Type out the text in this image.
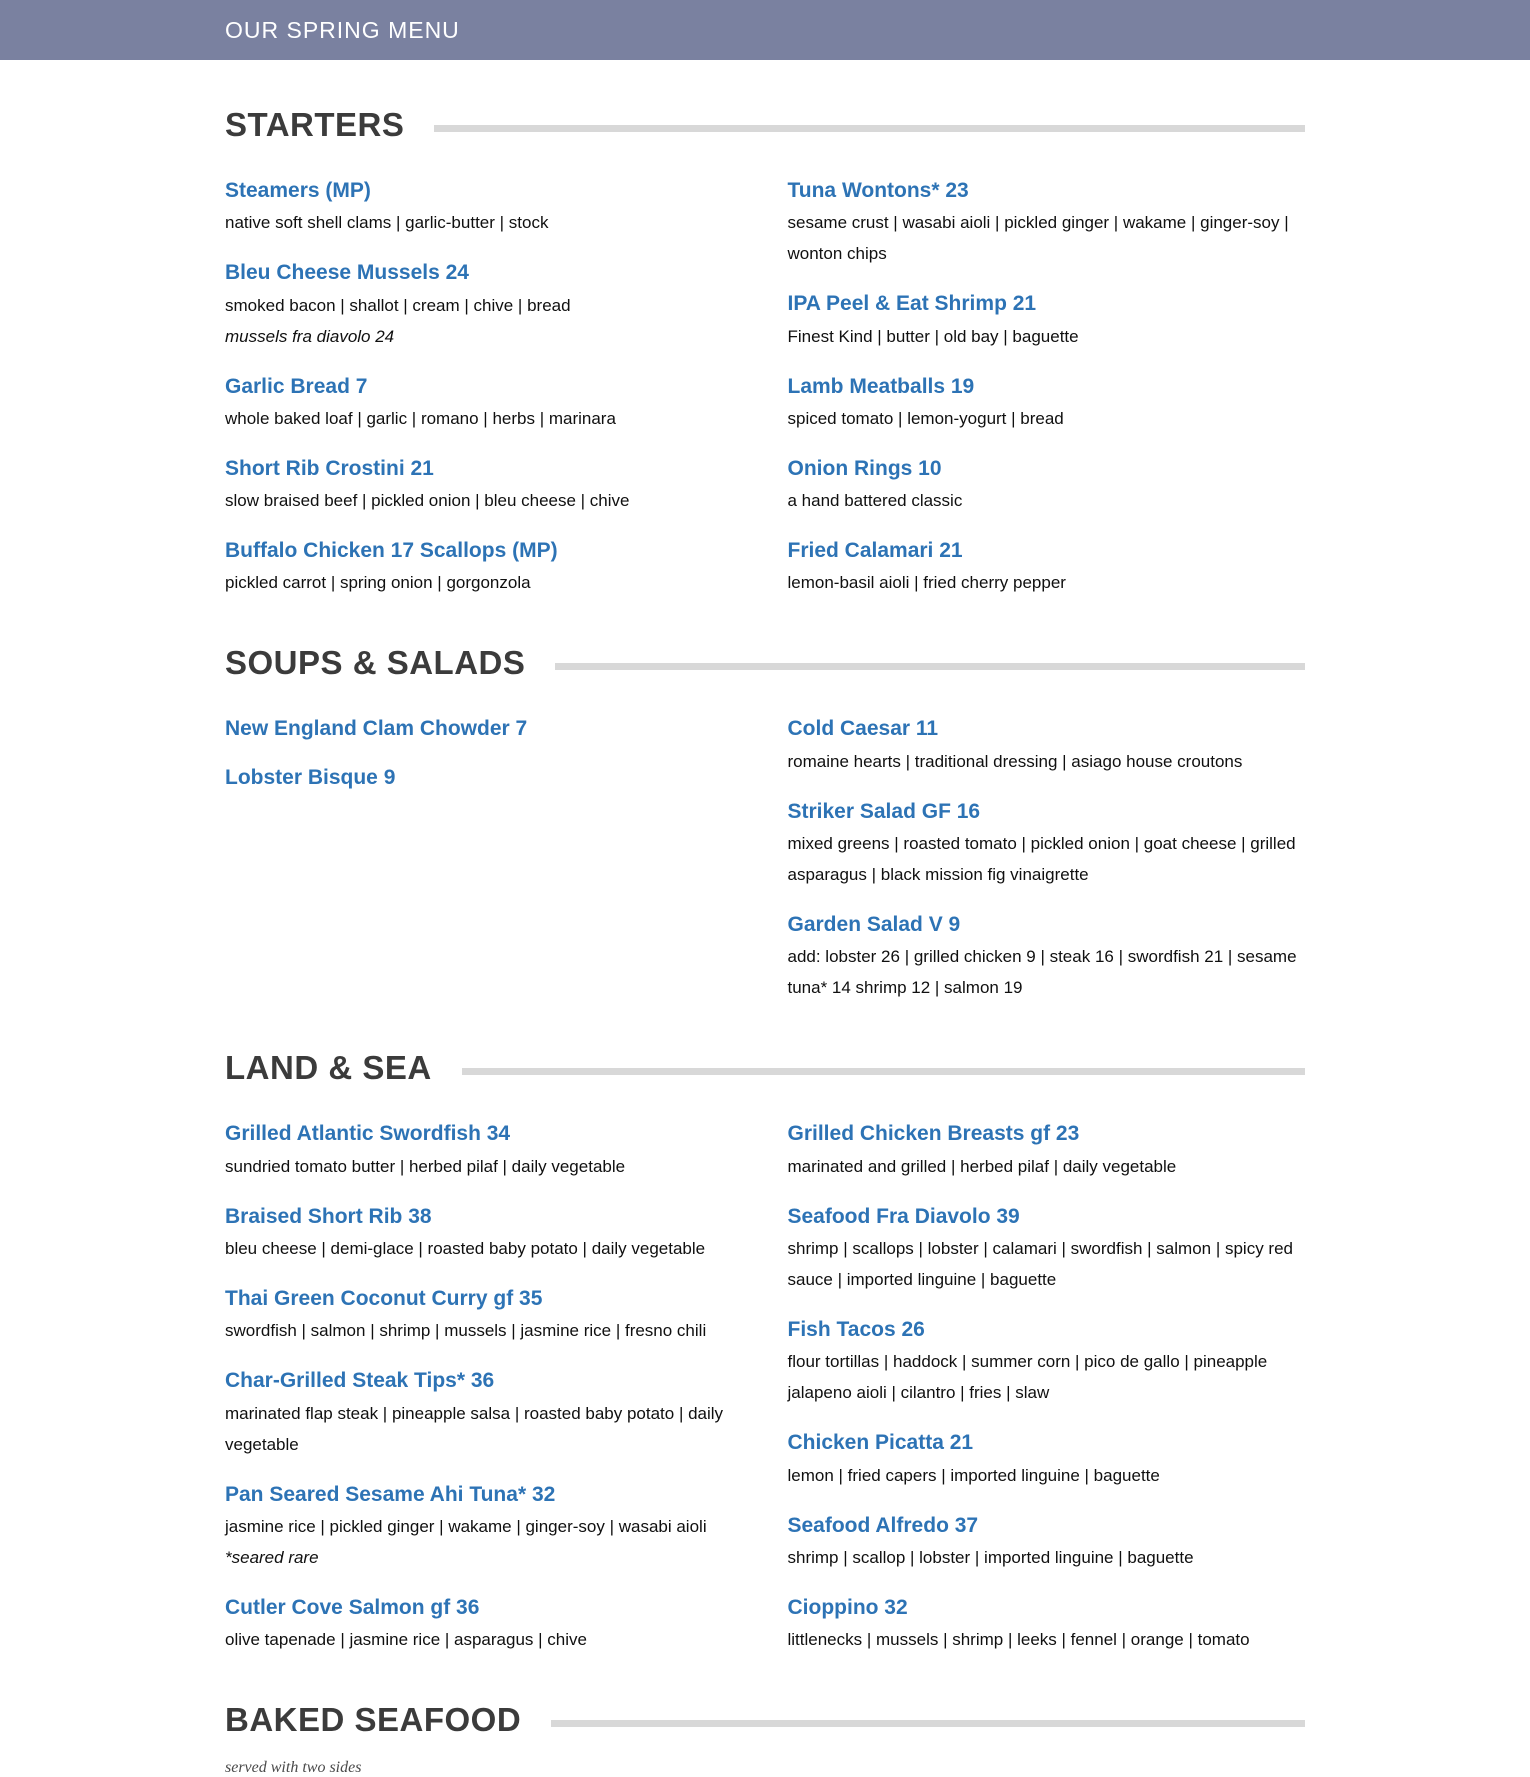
OUR SPRING MENU
STARTERS
Steamers (MP)
native soft shell clams | garlic-butter | stock
Bleu Cheese Mussels 24
smoked bacon | shallot | cream | chive | bread
mussels fra diavolo 24
Garlic Bread 7
whole baked loaf | garlic | romano | herbs | marinara
Short Rib Crostini 21
slow braised beef | pickled onion | bleu cheese | chive
Buffalo Chicken 17 Scallops (MP)
pickled carrot | spring onion | gorgonzola
Tuna Wontons* 23
sesame crust | wasabi aioli | pickled ginger | wakame | ginger-soy | wonton chips
IPA Peel & Eat Shrimp 21
Finest Kind | butter | old bay | baguette
Lamb Meatballs 19
spiced tomato | lemon-yogurt | bread
Onion Rings 10
a hand battered classic
Fried Calamari 21
lemon-basil aioli | fried cherry pepper
SOUPS & SALADS
New England Clam Chowder 7
Lobster Bisque 9
Cold Caesar 11
romaine hearts | traditional dressing | asiago house croutons
Striker Salad GF 16
mixed greens | roasted tomato | pickled onion | goat cheese | grilled asparagus | black mission fig vinaigrette
Garden Salad V 9
add: lobster 26 | grilled chicken 9 | steak 16 | swordfish 21 | sesame tuna* 14 shrimp 12 | salmon 19
LAND & SEA
Grilled Atlantic Swordfish 34
sundried tomato butter | herbed pilaf | daily vegetable
Braised Short Rib 38
bleu cheese | demi-glace | roasted baby potato | daily vegetable
Thai Green Coconut Curry gf 35
swordfish | salmon | shrimp | mussels | jasmine rice | fresno chili
Char-Grilled Steak Tips* 36
marinated flap steak | pineapple salsa | roasted baby potato | daily vegetable
Pan Seared Sesame Ahi Tuna* 32
jasmine rice | pickled ginger | wakame | ginger-soy | wasabi aioli
*seared rare
Cutler Cove Salmon gf 36
olive tapenade | jasmine rice | asparagus | chive
Grilled Chicken Breasts gf 23
marinated and grilled | herbed pilaf | daily vegetable
Seafood Fra Diavolo 39
shrimp | scallops | lobster | calamari | swordfish | salmon | spicy red sauce | imported linguine | baguette
Fish Tacos 26
flour tortillas | haddock | summer corn | pico de gallo | pineapple jalapeno aioli | cilantro | fries | slaw
Chicken Picatta 21
lemon | fried capers | imported linguine | baguette
Seafood Alfredo 37
shrimp | scallop | lobster | imported linguine | baguette
Cioppino 32
littlenecks | mussels | shrimp | leeks | fennel | orange | tomato
BAKED SEAFOOD

served with two sides
